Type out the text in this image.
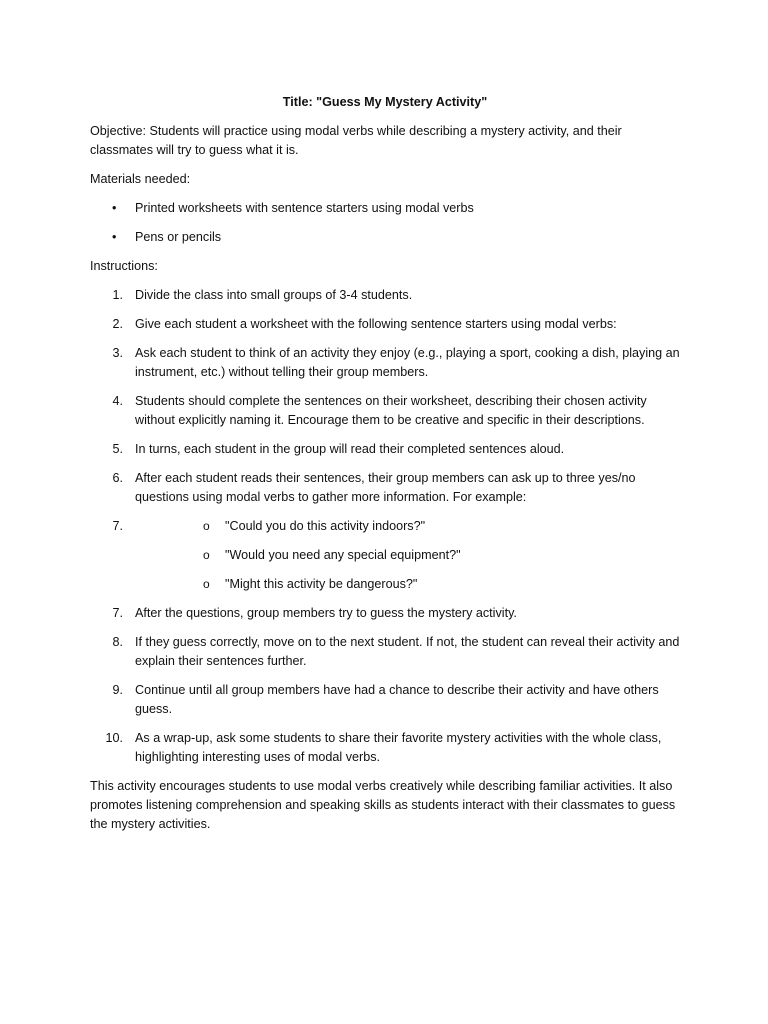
Title: "Guess My Mystery Activity"

Objective: Students will practice using modal verbs while describing a mystery activity, and their classmates will try to guess what it is.

Materials needed:

• Printed worksheets with sentence starters using modal verbs
• Pens or pencils

Instructions:

1. Divide the class into small groups of 3-4 students.
2. Give each student a worksheet with the following sentence starters using modal verbs:
3. Ask each student to think of an activity they enjoy (e.g., playing a sport, cooking a dish, playing an instrument, etc.) without telling their group members.
4. Students should complete the sentences on their worksheet, describing their chosen activity without explicitly naming it. Encourage them to be creative and specific in their descriptions.
5. In turns, each student in the group will read their completed sentences aloud.
6. After each student reads their sentences, their group members can ask up to three yes/no questions using modal verbs to gather more information. For example:
7.	o "Could you do this activity indoors?"
o "Would you need any special equipment?"
o "Might this activity be dangerous?"
7. After the questions, group members try to guess the mystery activity.
8. If they guess correctly, move on to the next student. If not, the student can reveal their activity and explain their sentences further.
9. Continue until all group members have had a chance to describe their activity and have others guess.
10. As a wrap-up, ask some students to share their favorite mystery activities with the whole class, highlighting interesting uses of modal verbs.

This activity encourages students to use modal verbs creatively while describing familiar activities. It also promotes listening comprehension and speaking skills as students interact with their classmates to guess the mystery activities.
